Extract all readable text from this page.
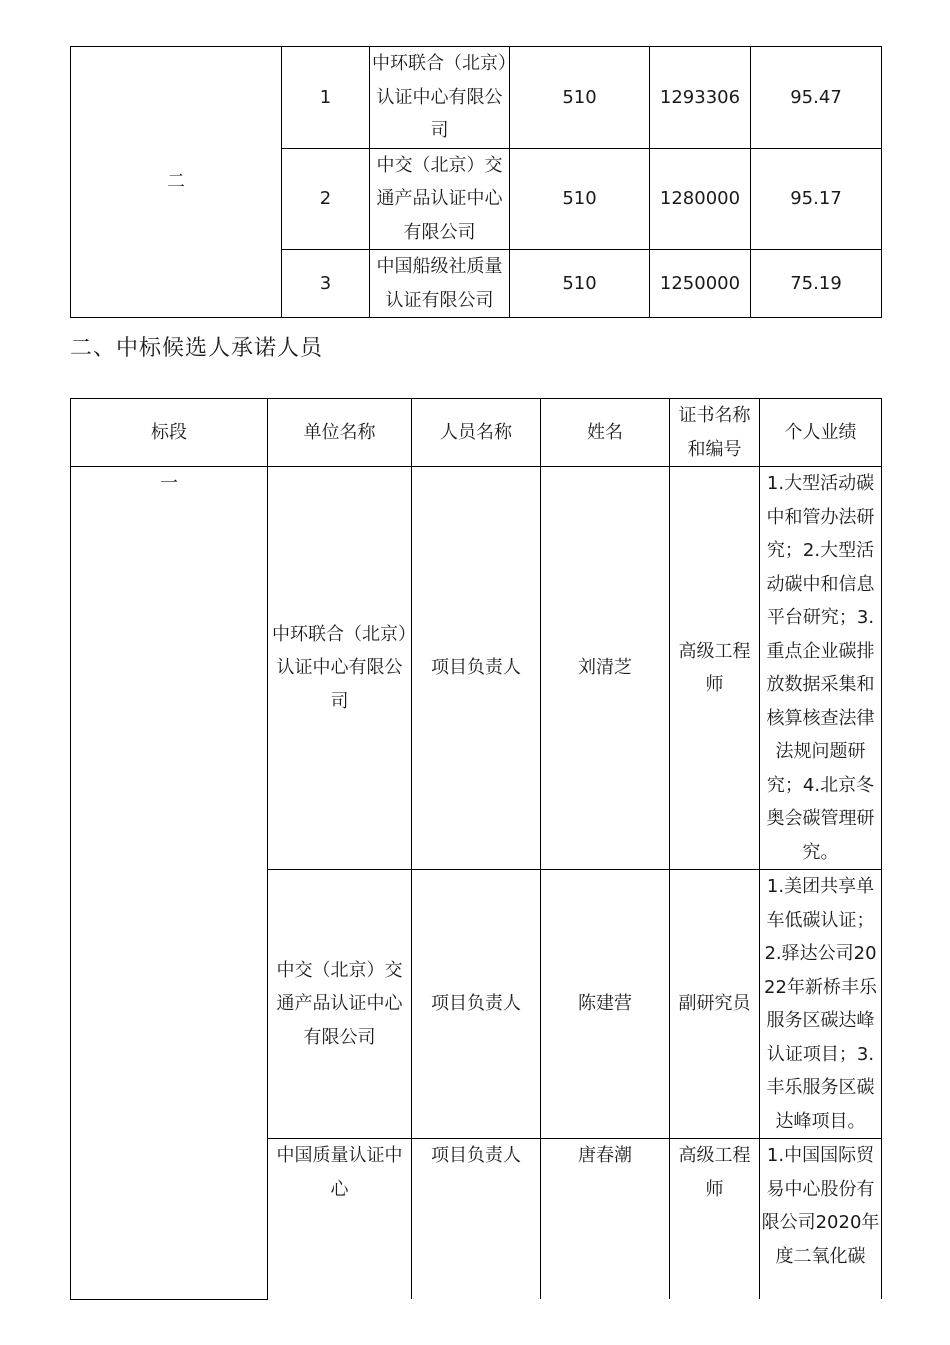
二	1	中环联合（北京）认证中心有限公司	510	1293306	95.47
	2	中交（北京）交通产品认证中心有限公司	510	1280000	95.17
	3	中国船级社质量认证有限公司	510	1250000	75.19
二、中标候选人承诺人员
标段	单位名称	人员名称	姓名	证书名称和编号	个人业绩
一	中环联合（北京）认证中心有限公司	项目负责人	刘清芝	高级工程师	1.大型活动碳中和管办法研究；2.大型活动碳中和信息平台研究；3.重点企业碳排放数据采集和核算核查法律法规问题研究；4.北京冬奥会碳管理研究。
	中交（北京）交通产品认证中心有限公司	项目负责人	陈建营	副研究员	1.美团共享单车低碳认证；2.驿达公司2022年新桥丰乐服务区碳达峰认证项目；3.丰乐服务区碳达峰项目。
	中国质量认证中心	项目负责人	唐春潮	高级工程师	1.中国国际贸易中心股份有限公司2020年度二氧化碳
